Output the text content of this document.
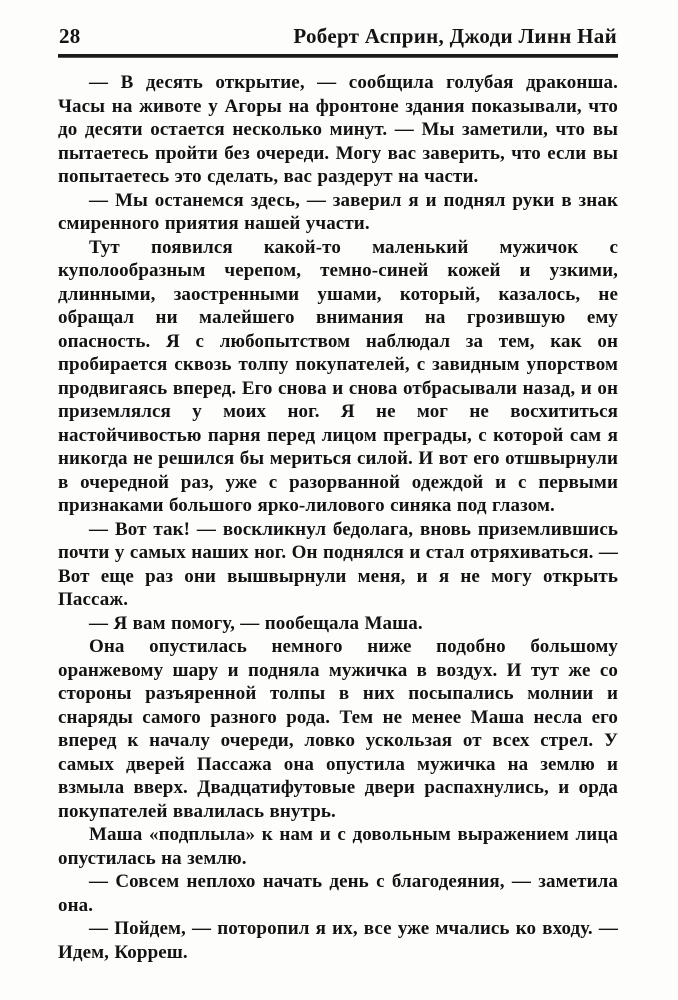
28	Роберт Асприн, Джоди Линн Най

— В десять открытие, — сообщила голубая драконша. Часы на животе у Агоры на фронтоне здания показывали, что до десяти остается несколько минут. — Мы заметили, что вы пытаетесь пройти без очереди. Могу вас заверить, что если вы попытаетесь это сделать, вас раздерут на части.

— Мы останемся здесь, — заверил я и поднял руки в знак смиренного приятия нашей участи.

Тут появился какой-то маленький мужичок с куполообразным черепом, темно-синей кожей и узкими, длинными, заостренными ушами, который, казалось, не обращал ни малейшего внимания на грозившую ему опасность. Я с любопытством наблюдал за тем, как он пробирается сквозь толпу покупателей, с завидным упорством продвигаясь вперед. Его снова и снова отбрасывали назад, и он приземлялся у моих ног. Я не мог не восхититься настойчивостью парня перед лицом преграды, с которой сам я никогда не решился бы мериться силой. И вот его отшвырнули в очередной раз, уже с разорванной одеждой и с первыми признаками большого ярко-лилового синяка под глазом.

— Вот так! — воскликнул бедолага, вновь приземлившись почти у самых наших ног. Он поднялся и стал отряхиваться. — Вот еще раз они вышвырнули меня, и я не могу открыть Пассаж.

— Я вам помогу, — пообещала Маша.

Она опустилась немного ниже подобно большому оранжевому шару и подняла мужичка в воздух. И тут же со стороны разъяренной толпы в них посыпались молнии и снаряды самого разного рода. Тем не менее Маша несла его вперед к началу очереди, ловко ускользая от всех стрел. У самых дверей Пассажа она опустила мужичка на землю и взмыла вверх. Двадцатифутовые двери распахнулись, и орда покупателей ввалилась внутрь.

Маша «подплыла» к нам и с довольным выражением лица опустилась на землю.

— Совсем неплохо начать день с благодеяния, — заметила она.

— Пойдем, — поторопил я их, все уже мчались ко входу. — Идем, Корреш.
